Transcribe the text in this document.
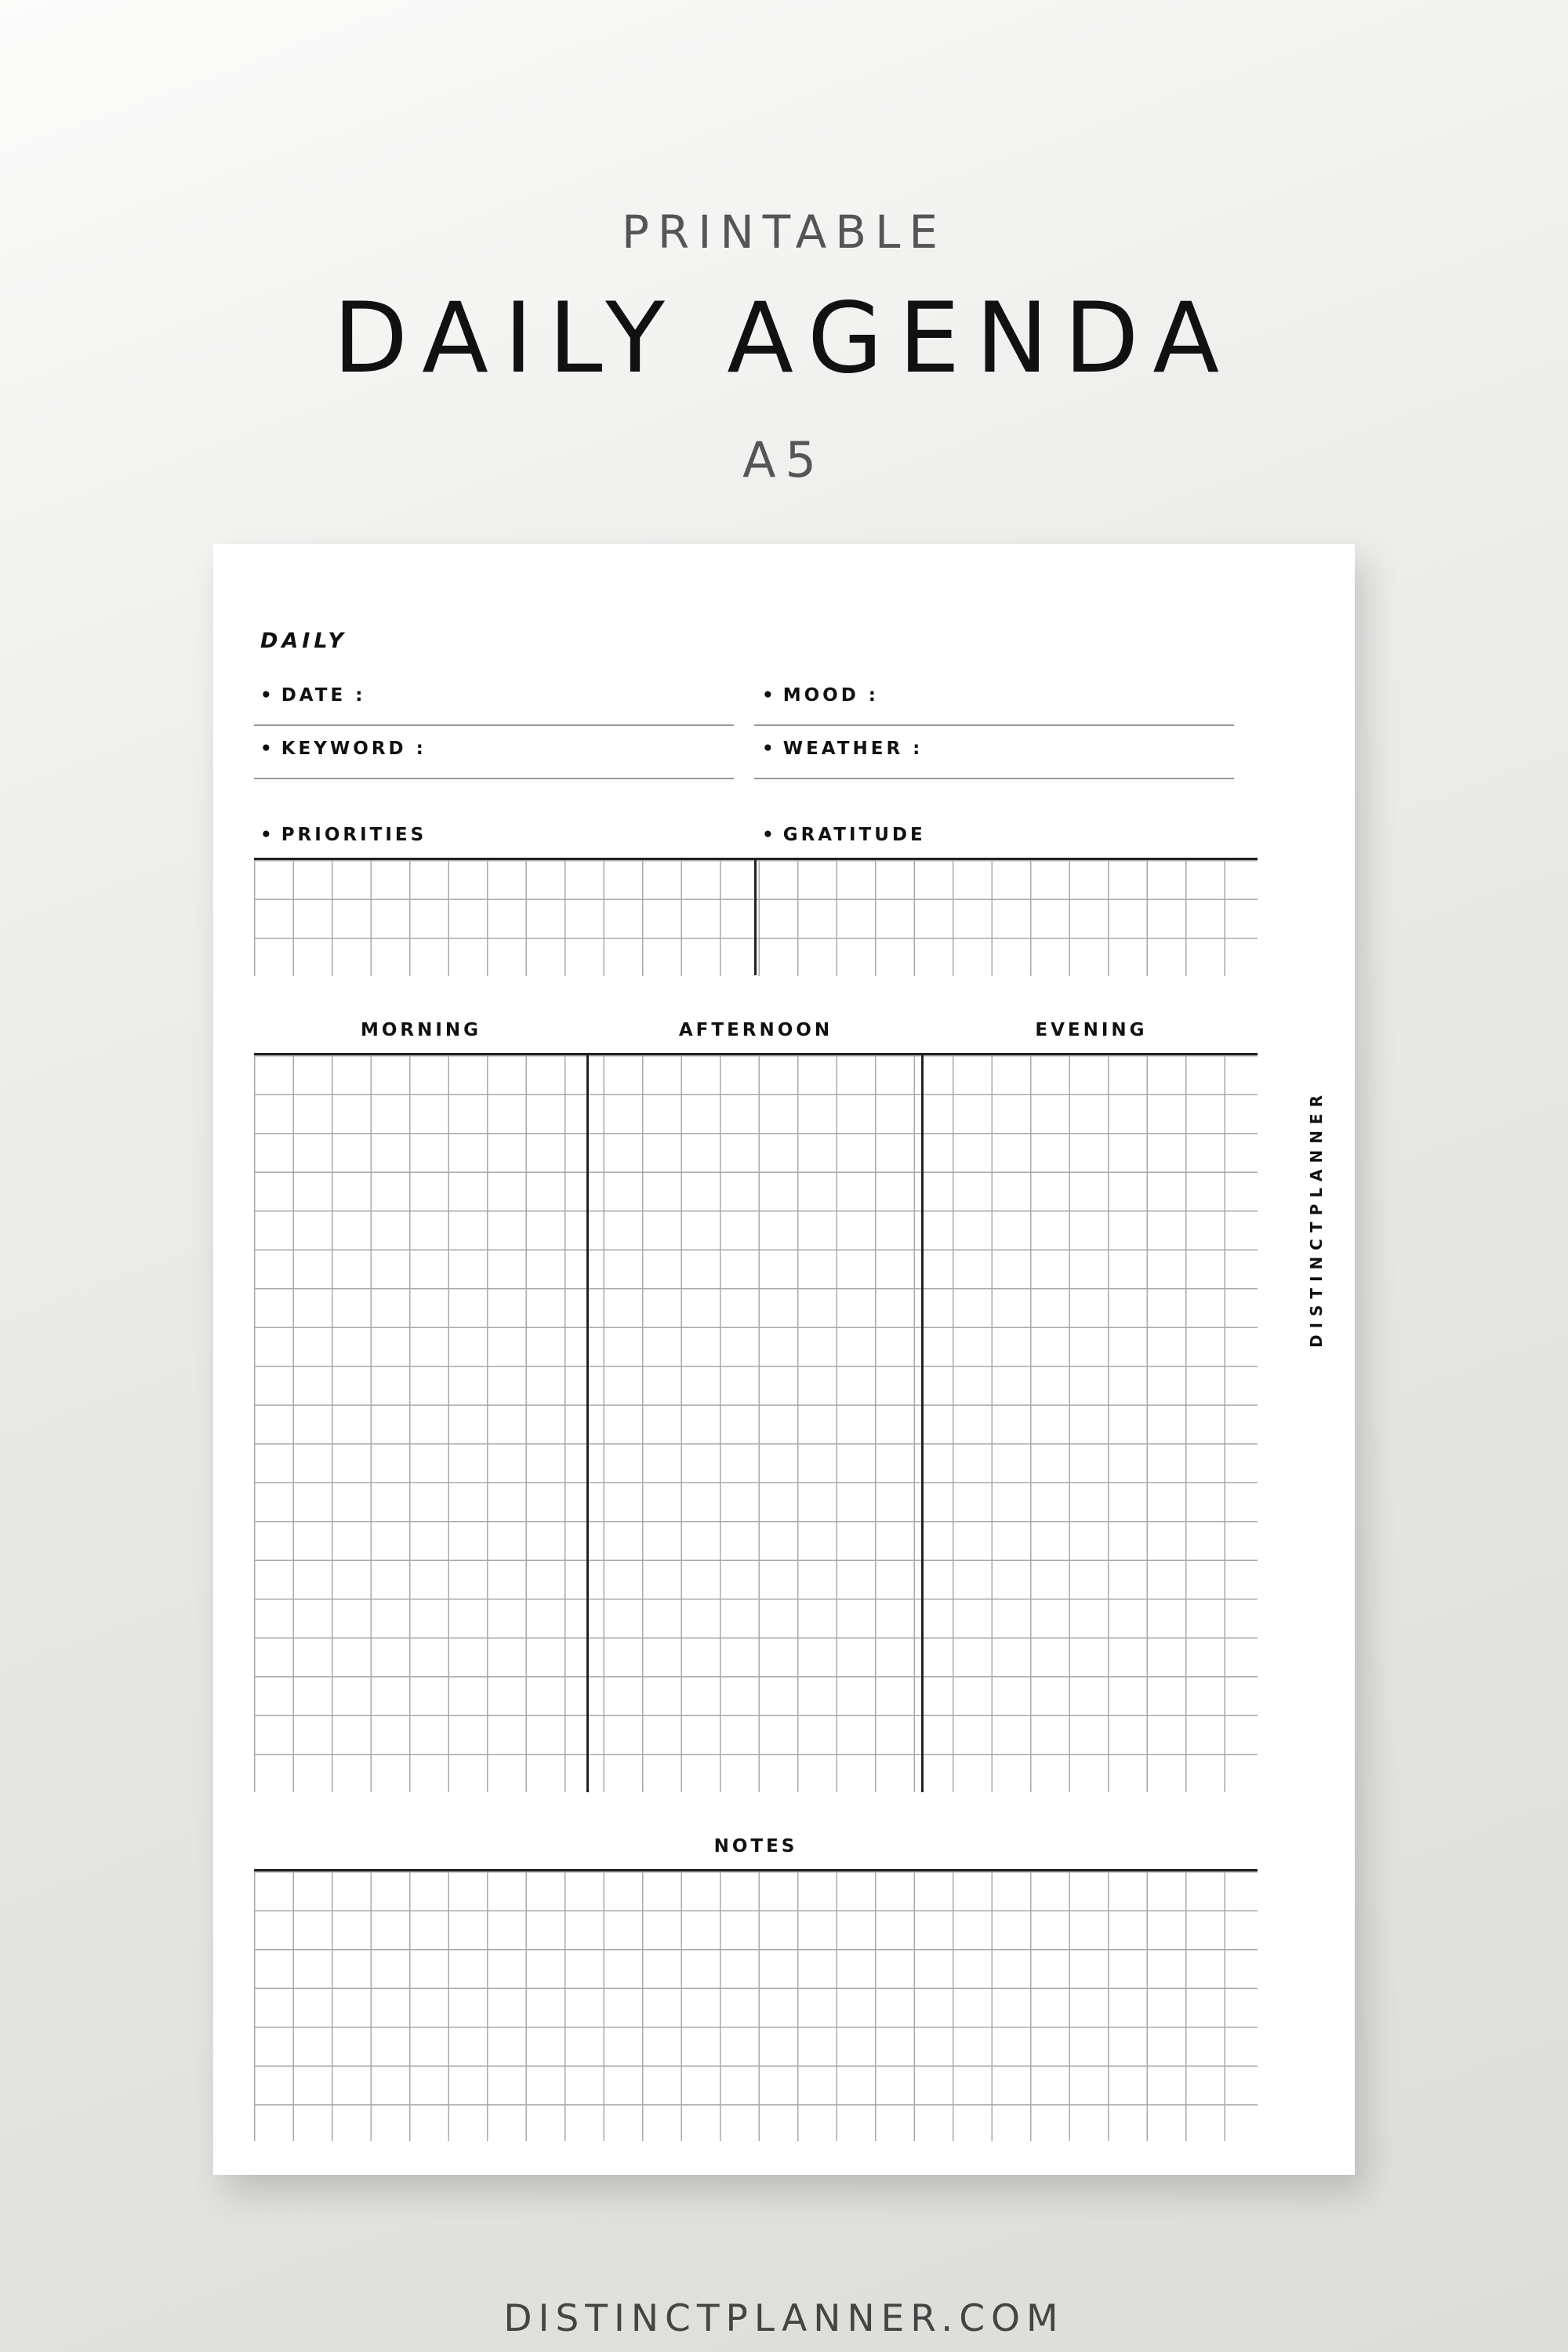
PRINTABLE
DAILY AGENDA
A5
DAILY
• DATE :	• MOOD :
• KEYWORD :	• WEATHER :
• PRIORITIES	• GRATITUDE
MORNING	AFTERNOON	EVENING
NOTES
DISTINCTPLANNER
DISTINCTPLANNER.COM
